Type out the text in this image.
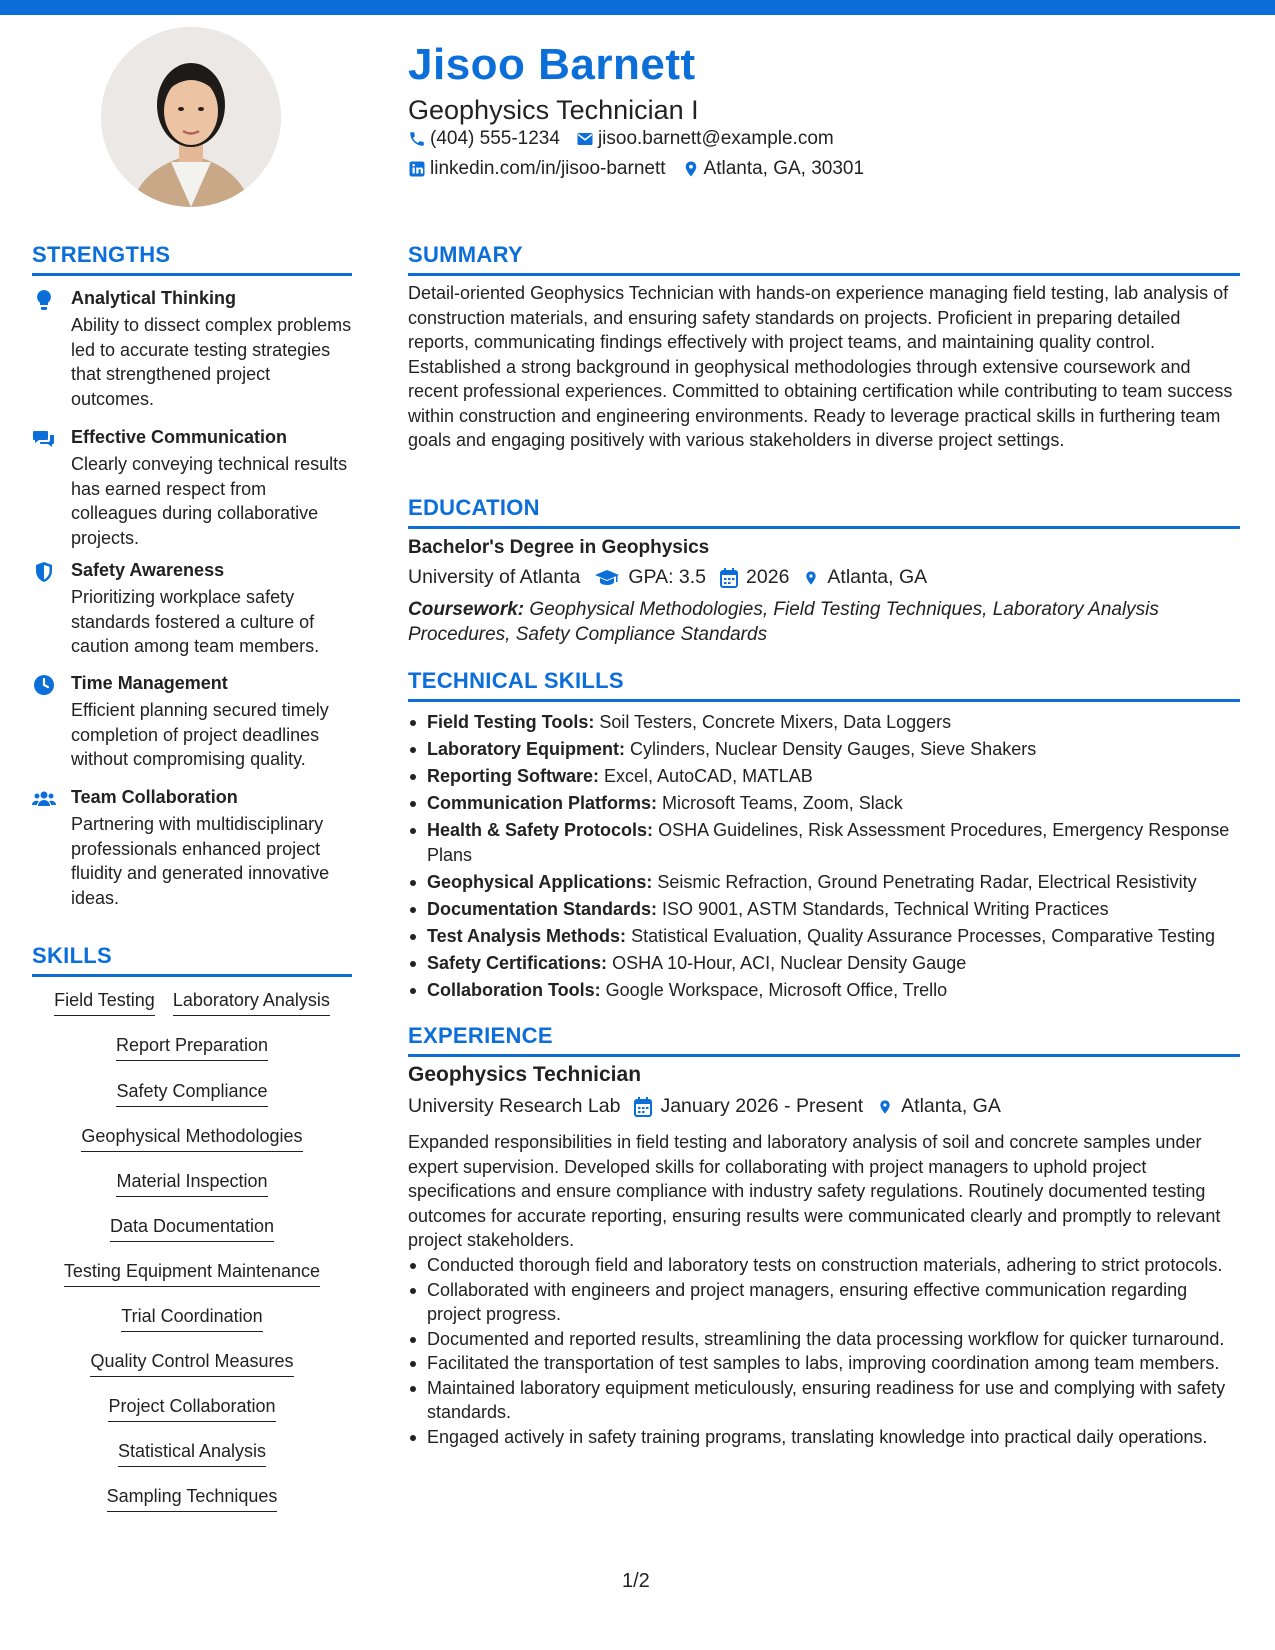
Jisoo Barnett
Geophysics Technician I
(404) 555-1234 jisoo.barnett@example.com
linkedin.com/in/jisoo-barnett Atlanta, GA, 30301
STRENGTHS
Analytical Thinking
Ability to dissect complex problems led to accurate testing strategies that strengthened project outcomes.
Effective Communication
Clearly conveying technical results has earned respect from colleagues during collaborative projects.
Safety Awareness
Prioritizing workplace safety standards fostered a culture of caution among team members.
Time Management
Efficient planning secured timely completion of project deadlines without compromising quality.
Team Collaboration
Partnering with multidisciplinary professionals enhanced project fluidity and generated innovative ideas.
SKILLS
Field Testing Laboratory Analysis
Report Preparation
Safety Compliance
Geophysical Methodologies
Material Inspection
Data Documentation
Testing Equipment Maintenance
Trial Coordination
Quality Control Measures
Project Collaboration
Statistical Analysis
Sampling Techniques
SUMMARY
Detail-oriented Geophysics Technician with hands-on experience managing field testing, lab analysis of construction materials, and ensuring safety standards on projects. Proficient in preparing detailed reports, communicating findings effectively with project teams, and maintaining quality control. Established a strong background in geophysical methodologies through extensive coursework and recent professional experiences. Committed to obtaining certification while contributing to team success within construction and engineering environments. Ready to leverage practical skills in furthering team goals and engaging positively with various stakeholders in diverse project settings.
EDUCATION
Bachelor's Degree in Geophysics
University of Atlanta GPA: 3.5 2026 Atlanta, GA
Coursework: Geophysical Methodologies, Field Testing Techniques, Laboratory Analysis Procedures, Safety Compliance Standards
TECHNICAL SKILLS
Field Testing Tools: Soil Testers, Concrete Mixers, Data Loggers
Laboratory Equipment: Cylinders, Nuclear Density Gauges, Sieve Shakers
Reporting Software: Excel, AutoCAD, MATLAB
Communication Platforms: Microsoft Teams, Zoom, Slack
Health & Safety Protocols: OSHA Guidelines, Risk Assessment Procedures, Emergency Response Plans
Geophysical Applications: Seismic Refraction, Ground Penetrating Radar, Electrical Resistivity
Documentation Standards: ISO 9001, ASTM Standards, Technical Writing Practices
Test Analysis Methods: Statistical Evaluation, Quality Assurance Processes, Comparative Testing
Safety Certifications: OSHA 10-Hour, ACI, Nuclear Density Gauge
Collaboration Tools: Google Workspace, Microsoft Office, Trello
EXPERIENCE
Geophysics Technician
University Research Lab January 2026 - Present Atlanta, GA
Expanded responsibilities in field testing and laboratory analysis of soil and concrete samples under expert supervision. Developed skills for collaborating with project managers to uphold project specifications and ensure compliance with industry safety regulations. Routinely documented testing outcomes for accurate reporting, ensuring results were communicated clearly and promptly to relevant project stakeholders.
Conducted thorough field and laboratory tests on construction materials, adhering to strict protocols.
Collaborated with engineers and project managers, ensuring effective communication regarding project progress.
Documented and reported results, streamlining the data processing workflow for quicker turnaround.
Facilitated the transportation of test samples to labs, improving coordination among team members.
Maintained laboratory equipment meticulously, ensuring readiness for use and complying with safety standards.
Engaged actively in safety training programs, translating knowledge into practical daily operations.
1/2
